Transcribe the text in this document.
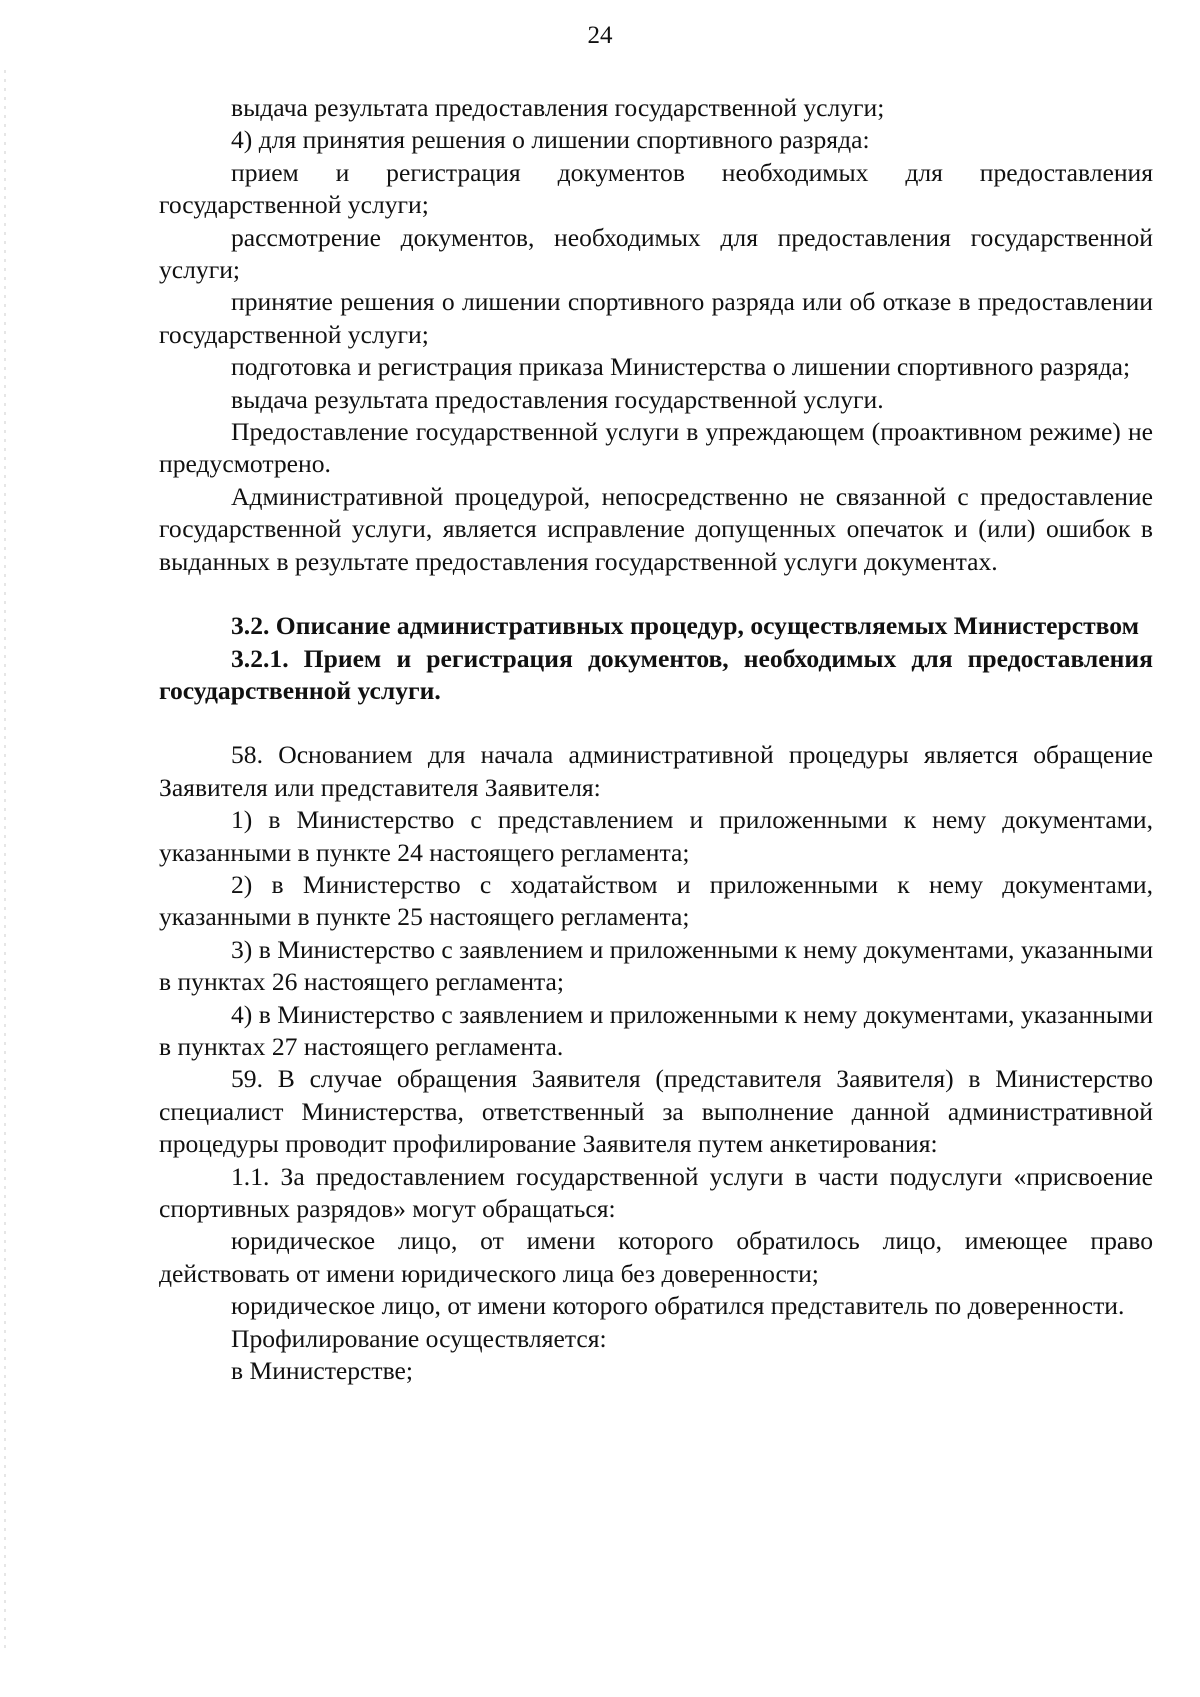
24

выдача результата предоставления государственной услуги;

4) для принятия решения о лишении спортивного разряда:

прием и регистрация документов необходимых для предоставления государственной услуги;

рассмотрение документов, необходимых для предоставления государственной услуги;

принятие решения о лишении спортивного разряда или об отказе в предоставлении государственной услуги;

подготовка и регистрация приказа Министерства о лишении спортивного разряда;

выдача результата предоставления государственной услуги.

Предоставление государственной услуги в упреждающем (проактивном режиме) не предусмотрено.

Административной процедурой, непосредственно не связанной с предоставление государственной услуги, является исправление допущенных опечаток и (или) ошибок в выданных в результате предоставления государственной услуги документах.

3.2. Описание административных процедур, осуществляемых Министерством

3.2.1. Прием и регистрация документов, необходимых для предоставления государственной услуги.

58. Основанием для начала административной процедуры является обращение Заявителя или представителя Заявителя:

1) в Министерство с представлением и приложенными к нему документами, указанными в пункте 24 настоящего регламента;

2) в Министерство с ходатайством и приложенными к нему документами, указанными в пункте 25 настоящего регламента;

3) в Министерство с заявлением и приложенными к нему документами, указанными в пунктах 26 настоящего регламента;

4) в Министерство с заявлением и приложенными к нему документами, указанными в пунктах 27 настоящего регламента.

59. В случае обращения Заявителя (представителя Заявителя) в Министерство специалист Министерства, ответственный за выполнение данной административной процедуры проводит профилирование Заявителя путем анкетирования:

1.1. За предоставлением государственной услуги в части подуслуги «присвоение спортивных разрядов» могут обращаться:

юридическое лицо, от имени которого обратилось лицо, имеющее право действовать от имени юридического лица без доверенности;

юридическое лицо, от имени которого обратился представитель по доверенности.

Профилирование осуществляется:

в Министерстве;
